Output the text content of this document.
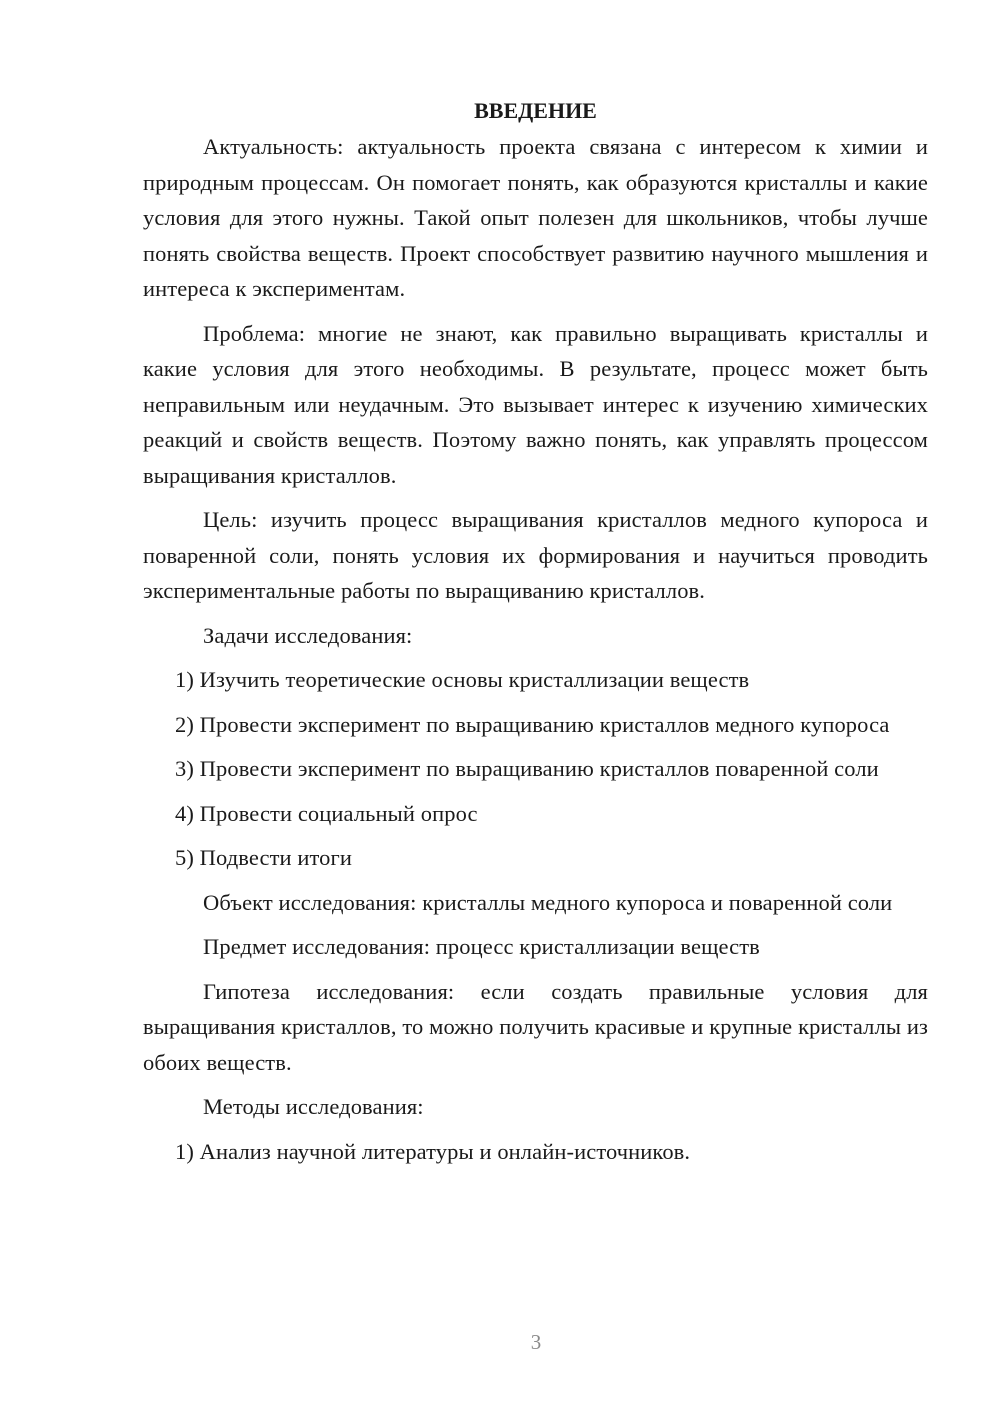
ВВЕДЕНИЕ

Актуальность: актуальность проекта связана с интересом к химии и природным процессам. Он помогает понять, как образуются кристаллы и какие условия для этого нужны. Такой опыт полезен для школьников, чтобы лучше понять свойства веществ. Проект способствует развитию научного мышления и интереса к экспериментам.

Проблема: многие не знают, как правильно выращивать кристаллы и какие условия для этого необходимы. В результате, процесс может быть неправильным или неудачным. Это вызывает интерес к изучению химических реакций и свойств веществ. Поэтому важно понять, как управлять процессом выращивания кристаллов.

Цель: изучить процесс выращивания кристаллов медного купороса и поваренной соли, понять условия их формирования и научиться проводить экспериментальные работы по выращиванию кристаллов.

Задачи исследования:

1) Изучить теоретические основы кристаллизации веществ

2) Провести эксперимент по выращиванию кристаллов медного купороса

3) Провести эксперимент по выращиванию кристаллов поваренной соли

4) Провести социальный опрос

5) Подвести итоги

Объект исследования: кристаллы медного купороса и поваренной соли

Предмет исследования: процесс кристаллизации веществ

Гипотеза исследования: если создать правильные условия для выращивания кристаллов, то можно получить красивые и крупные кристаллы из обоих веществ.

Методы исследования:

1) Анализ научной литературы и онлайн-источников.

3
